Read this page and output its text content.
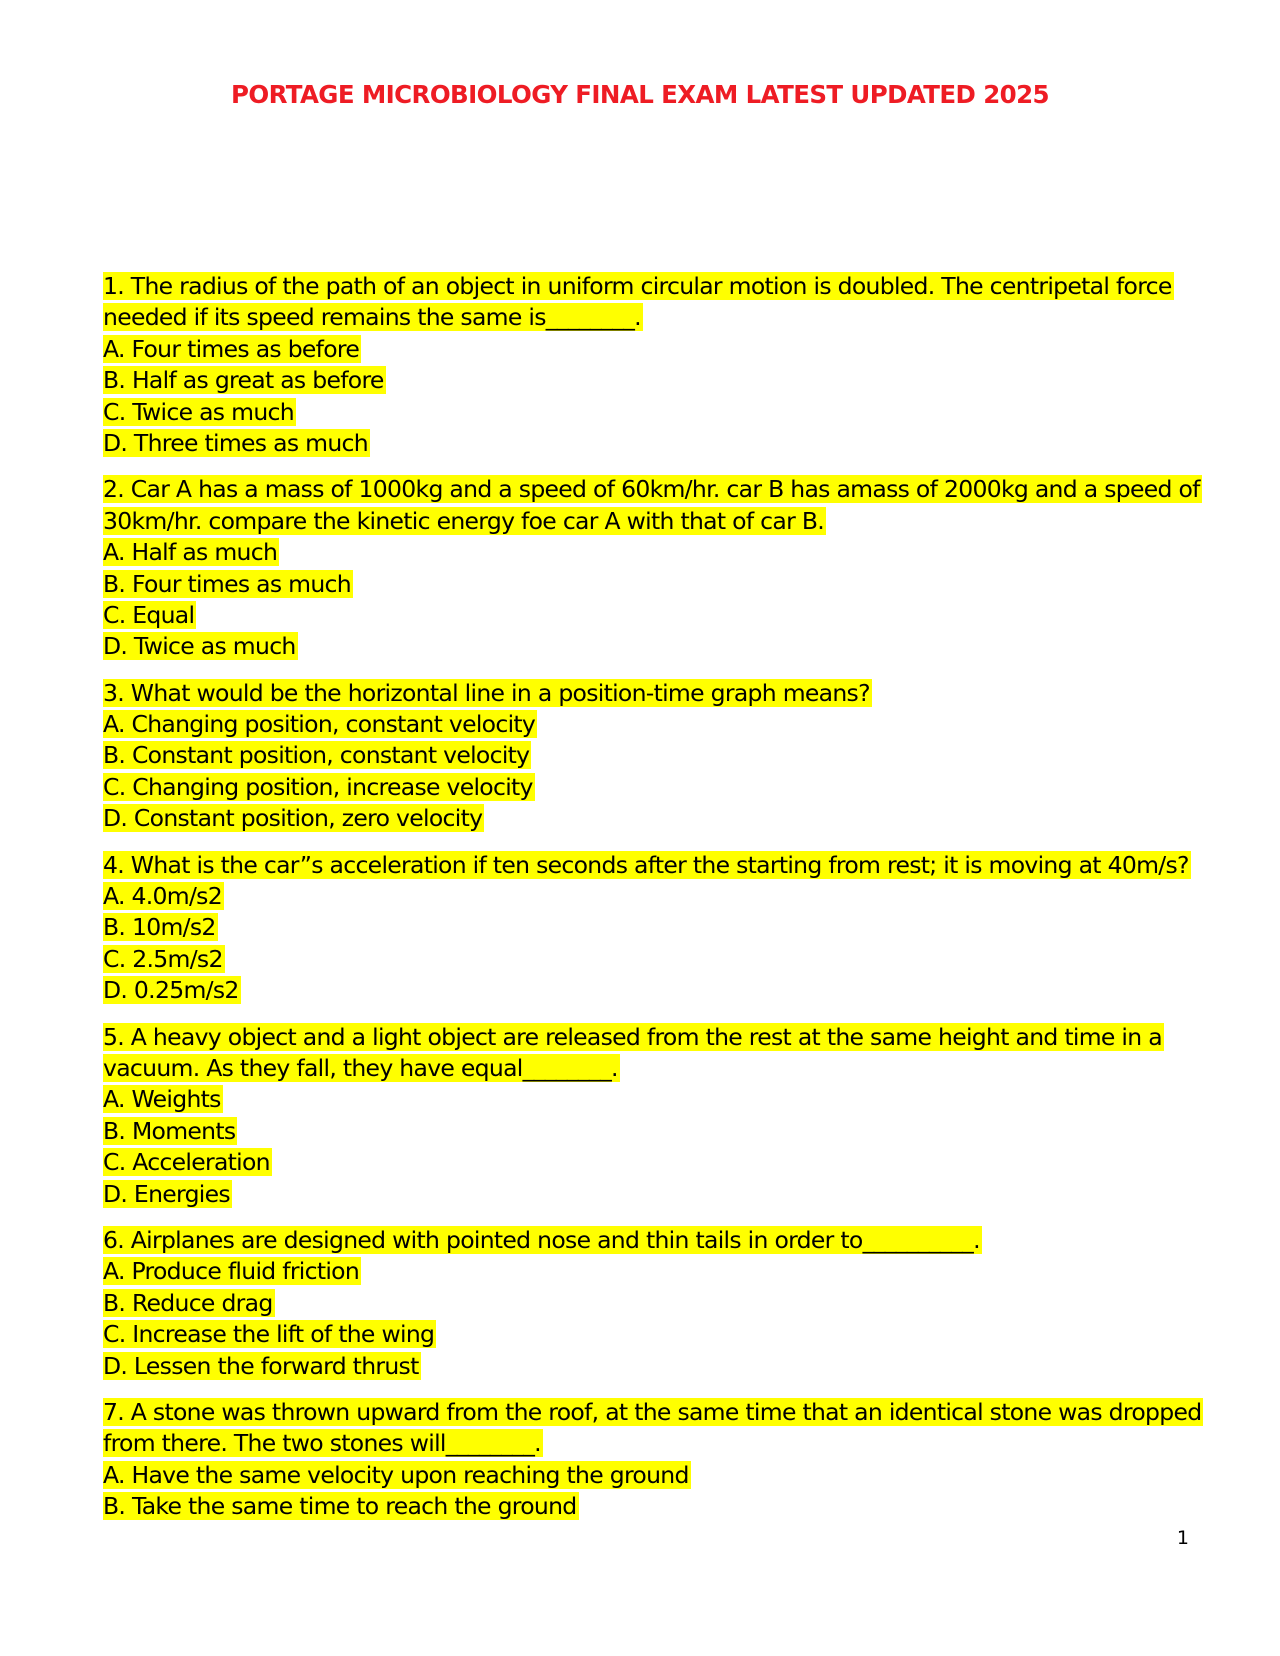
PORTAGE MICROBIOLOGY FINAL EXAM LATEST UPDATED 2025
1. The radius of the path of an object in uniform circular motion is doubled. The centripetal force
needed if its speed remains the same is________.
A. Four times as before
B. Half as great as before
C. Twice as much
D. Three times as much
2. Car A has a mass of 1000kg and a speed of 60km/hr. car B has amass of 2000kg and a speed of
30km/hr. compare the kinetic energy foe car A with that of car B.
A. Half as much
B. Four times as much
C. Equal
D. Twice as much
3. What would be the horizontal line in a position-time graph means?
A. Changing position, constant velocity
B. Constant position, constant velocity
C. Changing position, increase velocity
D. Constant position, zero velocity
4. What is the car”s acceleration if ten seconds after the starting from rest; it is moving at 40m/s?
A. 4.0m/s2
B. 10m/s2
C. 2.5m/s2
D. 0.25m/s2
5. A heavy object and a light object are released from the rest at the same height and time in a
vacuum. As they fall, they have equal________.
A. Weights
B. Moments
C. Acceleration
D. Energies
6. Airplanes are designed with pointed nose and thin tails in order to__________.
A. Produce fluid friction
B. Reduce drag
C. Increase the lift of the wing
D. Lessen the forward thrust
7. A stone was thrown upward from the roof, at the same time that an identical stone was dropped
from there. The two stones will________.
A. Have the same velocity upon reaching the ground
B. Take the same time to reach the ground
1
